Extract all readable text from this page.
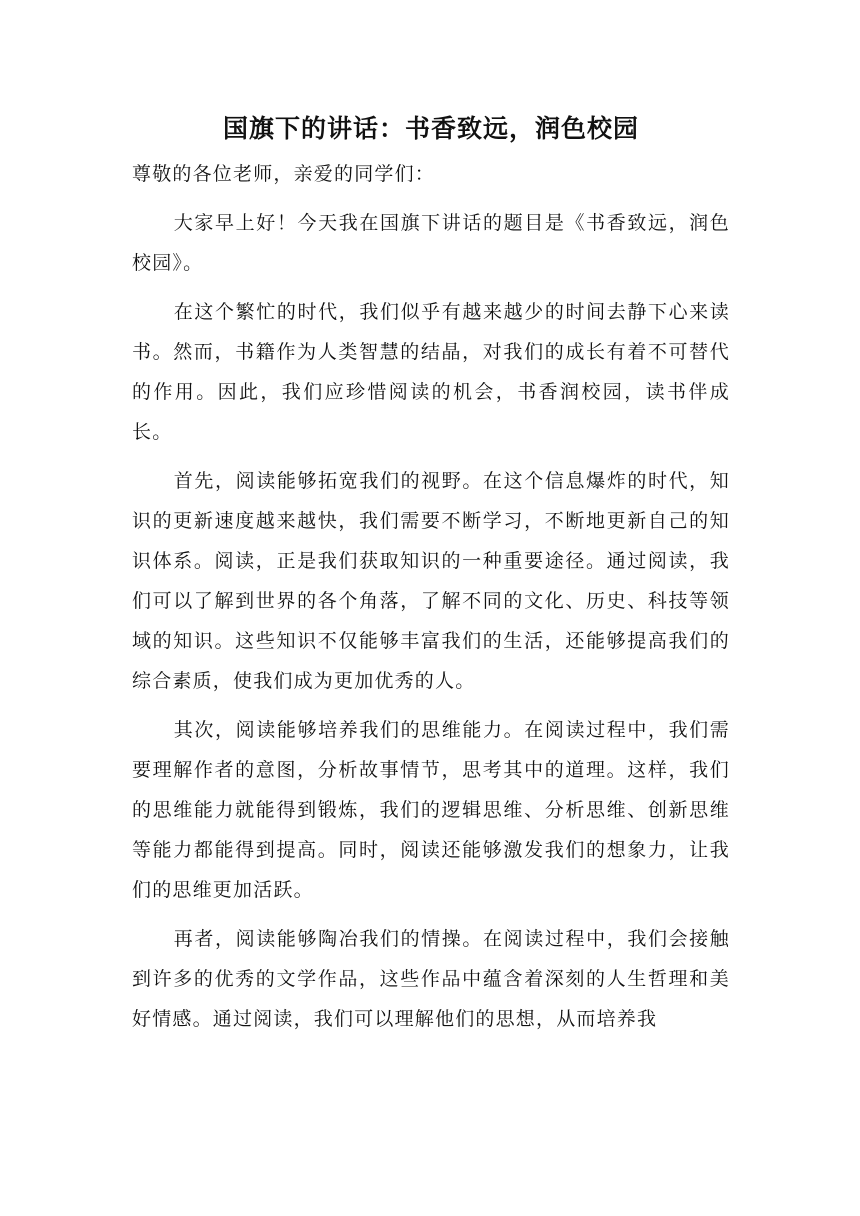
国旗下的讲话：书香致远，润色校园

尊敬的各位老师，亲爱的同学们：

大家早上好！今天我在国旗下讲话的题目是《书香致远，润色校园》。

在这个繁忙的时代，我们似乎有越来越少的时间去静下心来读书。然而，书籍作为人类智慧的结晶，对我们的成长有着不可替代的作用。因此，我们应珍惜阅读的机会，书香润校园，读书伴成长。

首先，阅读能够拓宽我们的视野。在这个信息爆炸的时代，知识的更新速度越来越快，我们需要不断学习，不断地更新自己的知识体系。阅读，正是我们获取知识的一种重要途径。通过阅读，我们可以了解到世界的各个角落，了解不同的文化、历史、科技等领域的知识。这些知识不仅能够丰富我们的生活，还能够提高我们的综合素质，使我们成为更加优秀的人。

其次，阅读能够培养我们的思维能力。在阅读过程中，我们需要理解作者的意图，分析故事情节，思考其中的道理。这样，我们的思维能力就能得到锻炼，我们的逻辑思维、分析思维、创新思维等能力都能得到提高。同时，阅读还能够激发我们的想象力，让我们的思维更加活跃。

再者，阅读能够陶冶我们的情操。在阅读过程中，我们会接触到许多的优秀的文学作品，这些作品中蕴含着深刻的人生哲理和美好情感。通过阅读，我们可以理解他们的思想，从而培养我
